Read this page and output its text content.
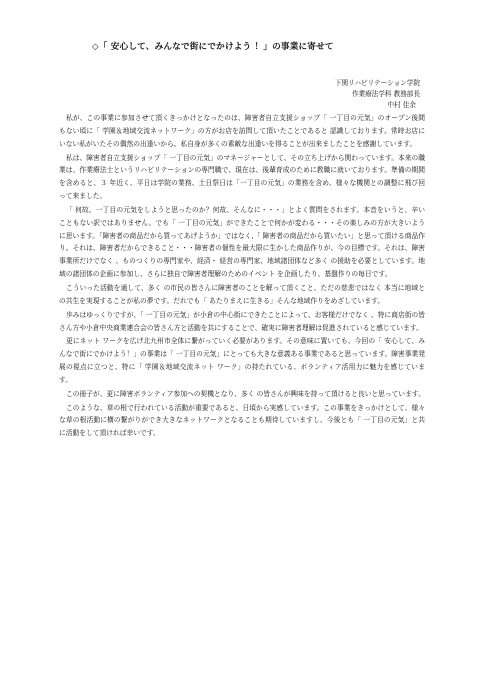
◇「 安心して、みんなで街にでかけよう ！」の事業に寄せて
下関リハビリテーション学院
作業療法学科 教務部長
中村 佳余

私が、この事業に参加させて頂くきっかけとなったのは、障害者自立支援ショップ「 一丁目の元気」のオープン後間もない頃に「 学園＆地域交流ネットワーク」の方がお店を訪問して頂いたことであると 認識しております。常時お店にいない私がいたその偶然の出逢いから、私自身が多くの素敵な出逢いを得ることが出来ましたことを感謝しています。

私は、障害者自立支援ショップ「 一丁目の元気」のマネージャーとして、その立ち上げから関わっています。本来の職業は、作業療法士というリハビリテーションの専門職で、現在は、後輩育成のために教職に就いております。準備の期間を含めると、３ 年近く、平日は学院の業務、土日祭日は「一丁目の元気」の業務を含め、様々な機関との調整に飛び回って来ました。

「 何故、一丁目の元気をしようと思ったのか？何故、そんなに・・・」とよく質問をされます。本音をいうと、辛いこともない訳ではありません。でも「 一丁目の元気」ができたことで何かが変わる・・・その楽しみの方が大きいように思います。「障害者の商品だから買ってあげようか」ではなく,「 障害者の商品だから買いたい」と思って頂ける商品作り。それは、障害者だからできること・・・障害者の個性を最大限に生かした商品作りが、今の目標です。それは、障害事業所だけでなく 、ものつくりの専門家や、経済・ 経営の専門家、地域諸団体など多く の援助を必要としています。地域の諸団体の企画に参加し、さらに独自で障害者理解のためのイベント を企画したり、基盤作りの毎日です。

こういった活動を通して、多く の市民の皆さんに障害者のことを解って頂くこと、ただの慈悲ではなく 本当に地域との共生を実現することが私の夢です。だれでも「 あたりまえに生きる」そんな地域作りをめざしています。

歩みはゆっくりですが、「 一丁目の元気」が小倉の中心街にできたことによって、お客様だけでなく 、特に商店街の皆さん方や小倉中央商業連合会の皆さん方と活動を共にすることで、確実に障害者理解は促進されていると感じています。

更にネット ワークを広げ北九州市全体に繋がっていく必要があります。その意味に置いても、今回の「 安心して、みんなで街にでかけよう！」の事業は「 一丁目の元気」にとっても大きな意義ある事業であると思っています。障害事業発展の視点に立つと、特に「 学園＆地域交流ネット ワーク」の持たれている、ボランティア活用力に魅力を感じています。

この冊子が、更に障害ボランティア参加への契機となり、多く の皆さんが興味を持って頂けると良いと思っています。

このような、草の根で行われている活動が重要であると、日頃から実感しています。この事業をきっかけとして、様々な草の根活動に横の繋がりができ大きなネットワークとなることも期待していますし、今後とも「 一丁目の元気」と共に活動をして頂ければ幸いです。
